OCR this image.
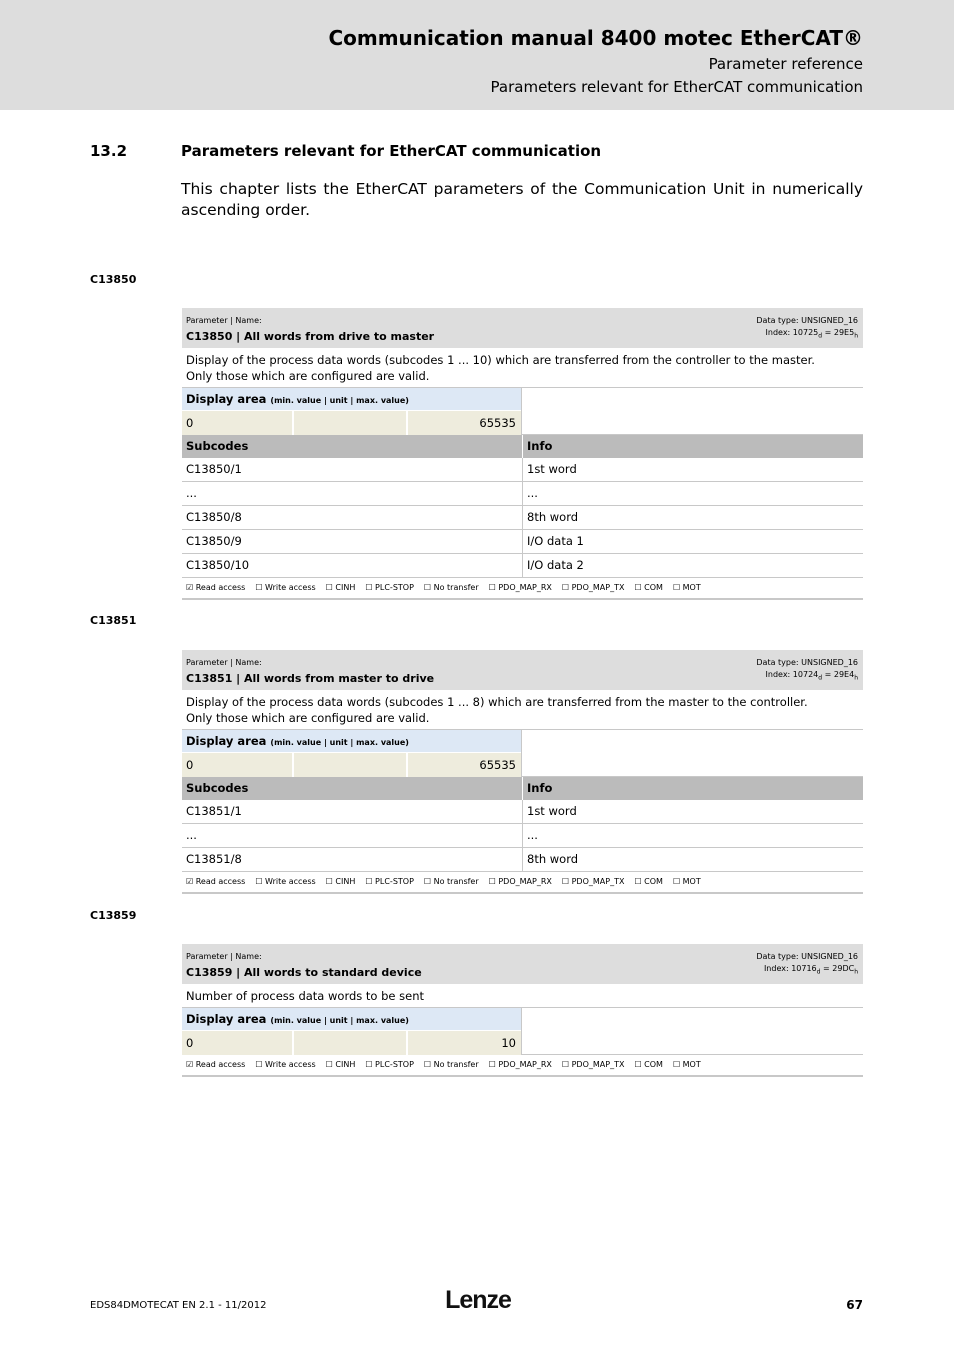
Communication manual 8400 motec EtherCAT®
Parameter reference
Parameters relevant for EtherCAT communication
13.2	Parameters relevant for EtherCAT communication
This chapter lists the EtherCAT parameters of the Communication Unit in numerically ascending order.
C13850
Parameter | Name:
C13850 | All words from drive to master
Data type: UNSIGNED_16
Index: $10725_d = 29E5_h$
Display of the process data words (subcodes 1 ... 10) which are transferred from the controller to the master.
Only those which are configured are valid.
Display area (min. value | unit | max. value)
0	65535
Subcodes	Info
C13850/1	1st word
...	...
C13850/8	8th word
C13850/9	I/O data 1
C13850/10	I/O data 2
☑ Read access ☐ Write access ☐ CINH ☐ PLC-STOP ☐ No transfer ☐ PDO_MAP_RX ☐ PDO_MAP_TX ☐ COM ☐ MOT
C13851
Parameter | Name:
C13851 | All words from master to drive
Data type: UNSIGNED_16
Index: $10724_d = 29E4_h$
Display of the process data words (subcodes 1 ... 8) which are transferred from the master to the controller.
Only those which are configured are valid.
Display area (min. value | unit | max. value)
0	65535
Subcodes	Info
C13851/1	1st word
...	...
C13851/8	8th word
☑ Read access ☐ Write access ☐ CINH ☐ PLC-STOP ☐ No transfer ☐ PDO_MAP_RX ☐ PDO_MAP_TX ☐ COM ☐ MOT
C13859
Parameter | Name:
C13859 | All words to standard device
Data type: UNSIGNED_16
Index: $10716_d = 29DC_h$
Number of process data words to be sent
Display area (min. value | unit | max. value)
0	10
☑ Read access ☐ Write access ☐ CINH ☐ PLC-STOP ☐ No transfer ☐ PDO_MAP_RX ☐ PDO_MAP_TX ☐ COM ☐ MOT
EDS84DMOTECAT EN 2.1 - 11/2012	Lenze	67
